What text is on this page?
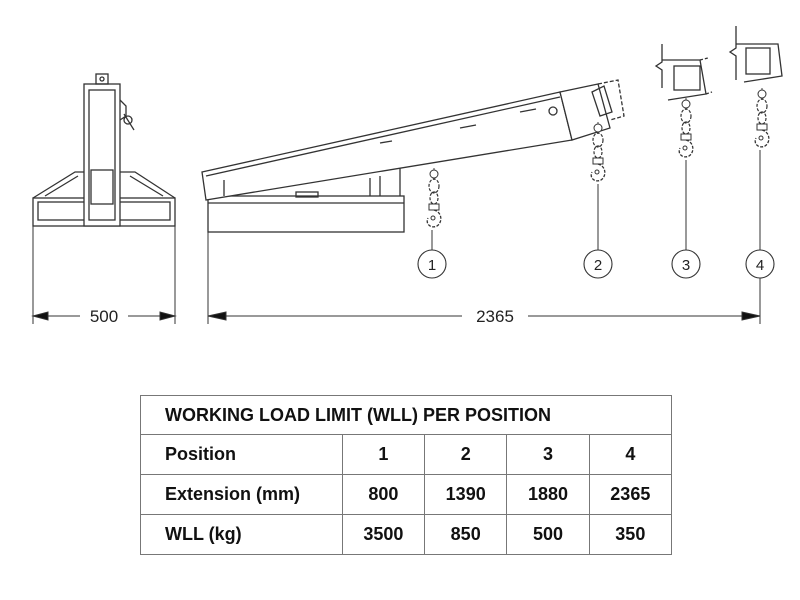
500
1	2	3	4
2365
WORKING LOAD LIMIT (WLL) PER POSITION				
Position	1	2	3	4
Extension (mm)	800	1390	1880	2365
WLL (kg)	3500	850	500	350
